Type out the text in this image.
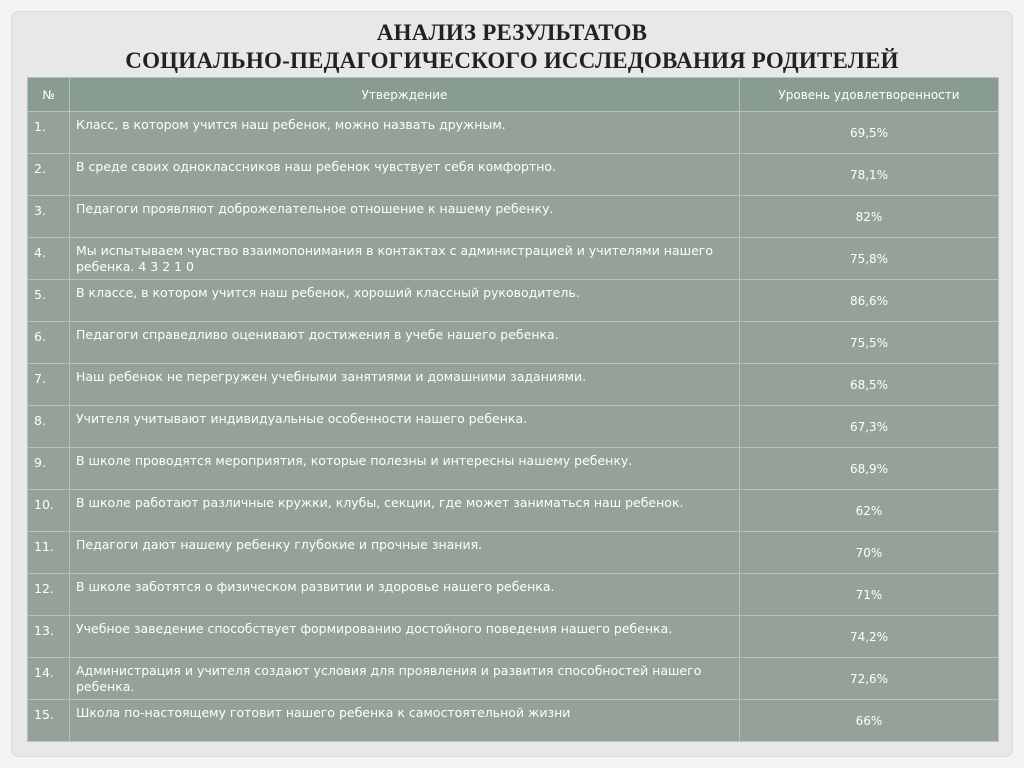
АНАЛИЗ РЕЗУЛЬТАТОВ
СОЦИАЛЬНО-ПЕДАГОГИЧЕСКОГО ИССЛЕДОВАНИЯ РОДИТЕЛЕЙ
№	Утверждение	Уровень удовлетворенности
1.	Класс, в котором учится наш ребенок, можно назвать дружным.	69,5%
2.	В среде своих одноклассников наш ребенок чувствует себя комфортно.	78,1%
3.	Педагоги проявляют доброжелательное отношение к нашему ребенку.	82%
4.	Мы испытываем чувство взаимопонимания в контактах с администрацией и учителями нашего ребенка. 4 3 2 1 0	75,8%
5.	В классе, в котором учится наш ребенок, хороший классный руководитель.	86,6%
6.	Педагоги справедливо оценивают достижения в учебе нашего ребенка.	75,5%
7.	Наш ребенок не перегружен учебными занятиями и домашними заданиями.	68,5%
8.	Учителя учитывают индивидуальные особенности нашего ребенка.	67,3%
9.	В школе проводятся мероприятия, которые полезны и интересны нашему ребенку.	68,9%
10.	В школе работают различные кружки, клубы, секции, где может заниматься наш ребенок.	62%
11.	Педагоги дают нашему ребенку глубокие и прочные знания.	70%
12.	В школе заботятся о физическом развитии и здоровье нашего ребенка.	71%
13.	Учебное заведение способствует формированию достойного поведения нашего ребенка.	74,2%
14.	Администрация и учителя создают условия для проявления и развития способностей нашего ребенка.	72,6%
15.	Школа по-настоящему готовит нашего ребенка к самостоятельной жизни	66%
